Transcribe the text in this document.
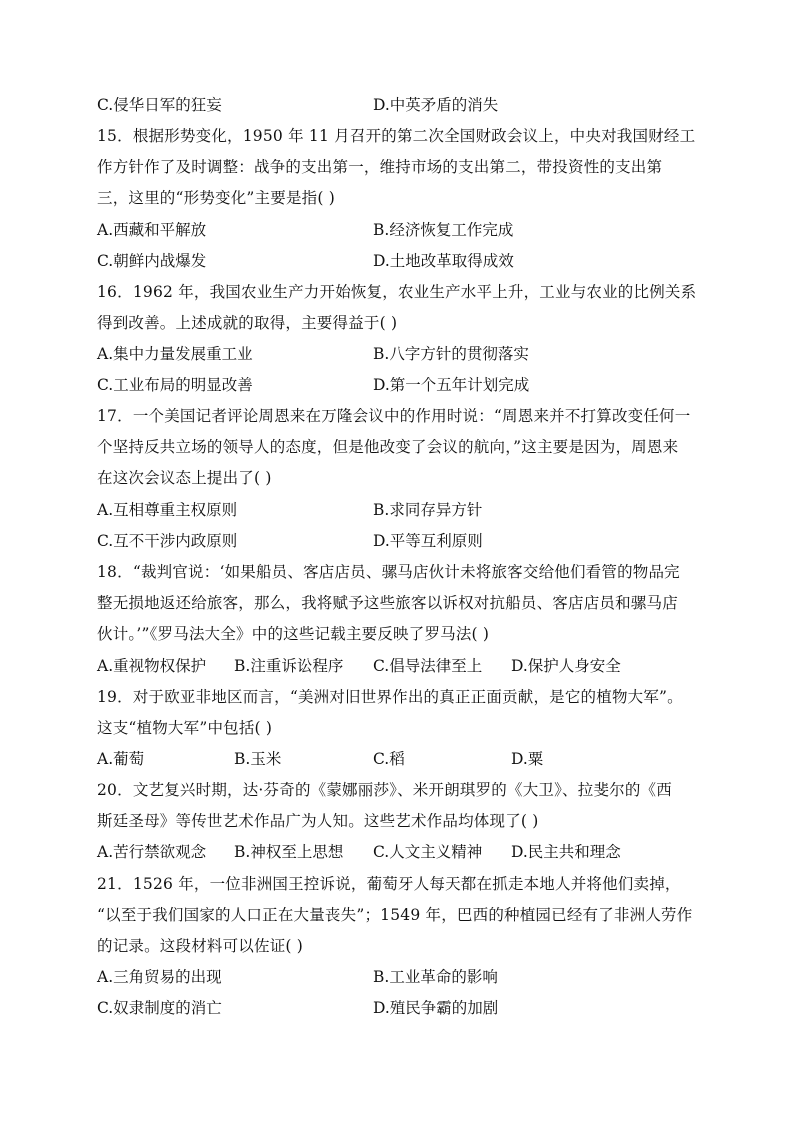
C.侵华日军的狂妄	D.中英矛盾的消失
15．根据形势变化，1950 年 11 月召开的第二次全国财政会议上，中央对我国财经工
作方针作了及时调整：战争的支出第一，维持市场的支出第二，带投资性的支出第
三，这里的“形势变化”主要是指( )
A.西藏和平解放	B.经济恢复工作完成
C.朝鲜内战爆发	D.土地改革取得成效
16．1962 年，我国农业生产力开始恢复，农业生产水平上升，工业与农业的比例关系
得到改善。上述成就的取得，主要得益于( )
A.集中力量发展重工业	B.八字方针的贯彻落实
C.工业布局的明显改善	D.第一个五年计划完成
17．一个美国记者评论周恩来在万隆会议中的作用时说：“周恩来并不打算改变任何一
个坚持反共立场的领导人的态度，但是他改变了会议的航向，”这主要是因为，周恩来
在这次会议态上提出了( )
A.互相尊重主权原则	B.求同存异方针
C.互不干涉内政原则	D.平等互利原则
18．“裁判官说：‘如果船员、客店店员、骡马店伙计未将旅客交给他们看管的物品完
整无损地返还给旅客，那么，我将赋予这些旅客以诉权对抗船员、客店店员和骡马店
伙计。’”《罗马法大全》中的这些记载主要反映了罗马法( )
A.重视物权保护 B.注重诉讼程序 C.倡导法律至上 D.保护人身安全
19．对于欧亚非地区而言，“美洲对旧世界作出的真正正面贡献，是它的植物大军”。
这支“植物大军”中包括( )
A.葡萄	B.玉米	C.稻	D.粟
20．文艺复兴时期，达·芬奇的《蒙娜丽莎》、米开朗琪罗的《大卫》、拉斐尔的《西
斯廷圣母》等传世艺术作品广为人知。这些艺术作品均体现了( )
A.苦行禁欲观念 B.神权至上思想 C.人文主义精神 D.民主共和理念
21．1526 年，一位非洲国王控诉说，葡萄牙人每天都在抓走本地人并将他们卖掉，
“以至于我们国家的人口正在大量丧失”；1549 年，巴西的种植园已经有了非洲人劳作
的记录。这段材料可以佐证( )
A.三角贸易的出现	B.工业革命的影响
C.奴隶制度的消亡	D.殖民争霸的加剧
